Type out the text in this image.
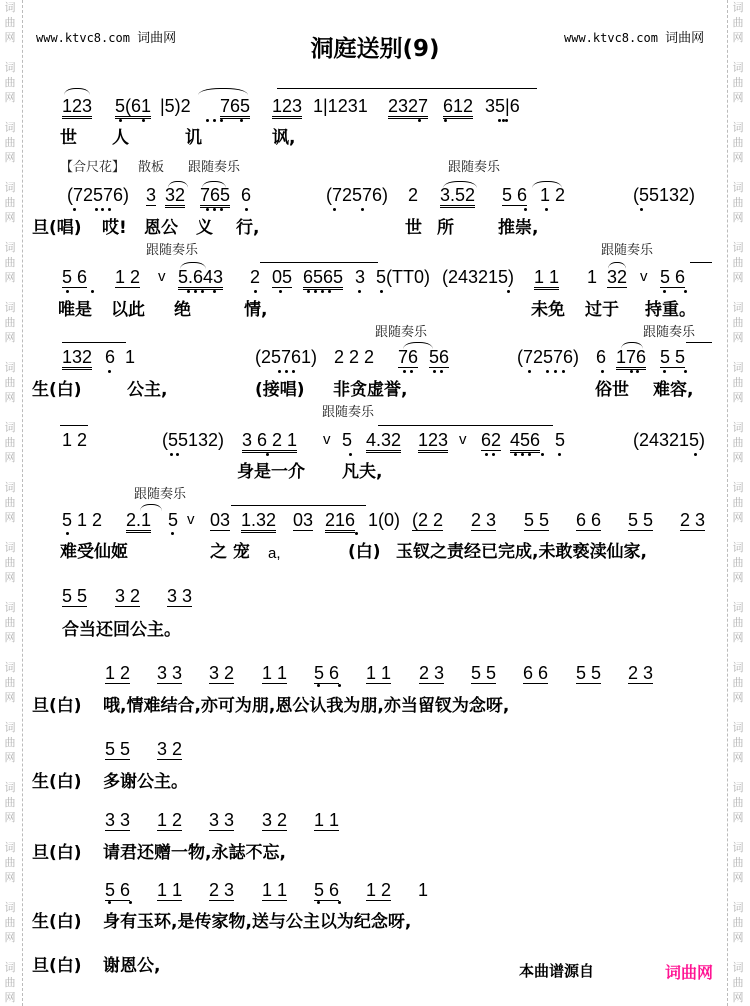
词
曲
网
词
曲
网
词
曲
网
词
曲
网
词
曲
网
词
曲
网
词
曲
网
词
曲
网
词
曲
网
词
曲
网
词
曲
网
词
曲
网
词
曲
网
词
曲
网
词
曲
网
词
曲
网
词
曲
网
词
曲
网
词
曲
网
词
曲
网
词
曲
网
词
曲
网
词
曲
网
词
曲
网
词
曲
网
词
曲
网
词
曲
网
词
曲
网
词
曲
网
词
曲
网
词
曲
网
词
曲
网
词
曲
网
词
曲
网
www.ktvc8.com 词曲网	www.ktvc8.com 词曲网
洞庭送别(9)
123 5(61 |5)2 765 123 1|1231 2327 612 35|6
世 人	讥	讽,
【合尺花】 散板 跟随奏乐	跟随奏乐
(72576) 3 32 765 6	(72576) 2 3.52 5 6 1 2	(55132)
旦(唱) 哎! 恩公 义 行,	世 所	推崇,
跟随奏乐	跟随奏乐
5 6 1 2 v 5.643 2 05 6565 3 5(TT0) (243215) 1 1 1 32 v 5 6
唯是 以此 绝	情,	未免 过于 持重。
跟随奏乐	跟随奏乐
132 6 1	(25761) 2 2 2 76 56	(72576) 6 176 5 5
生(白)	公主,	(接唱) 非贪虚誉,	俗世 难容,
跟随奏乐
1 2	(55132) 3 6 2 1 v 5 4.32 123 v 62 456 5	(243215)
身是一介 凡夫,
跟随奏乐
5 1 2 2.1 5 v 03 1.32 03 216 1(0) (2 2 2 3 5 5 6 6 5 5 2 3
难受仙姬	之 宠 a,	(白) 玉钗之责经已完成,未敢亵渎仙家,
5 5 3 2 3 3
合当还回公主。
1 2 3 3 3 2 1 1 5 6 1 1 2 3 5 5 6 6 5 5 2 3
旦(白) 哦,情难结合,亦可为朋,恩公认我为朋,亦当留钗为念呀,
5 5 3 2
生(白) 多谢公主。
3 3 1 2 3 3 3 2 1 1
旦(白) 请君还赠一物,永誌不忘,
5 6 1 1 2 3 1 1 5 6 1 2 1
生(白) 身有玉环,是传家物,送与公主以为纪念呀,
旦(白) 谢恩公,	本曲谱源自	词曲网
